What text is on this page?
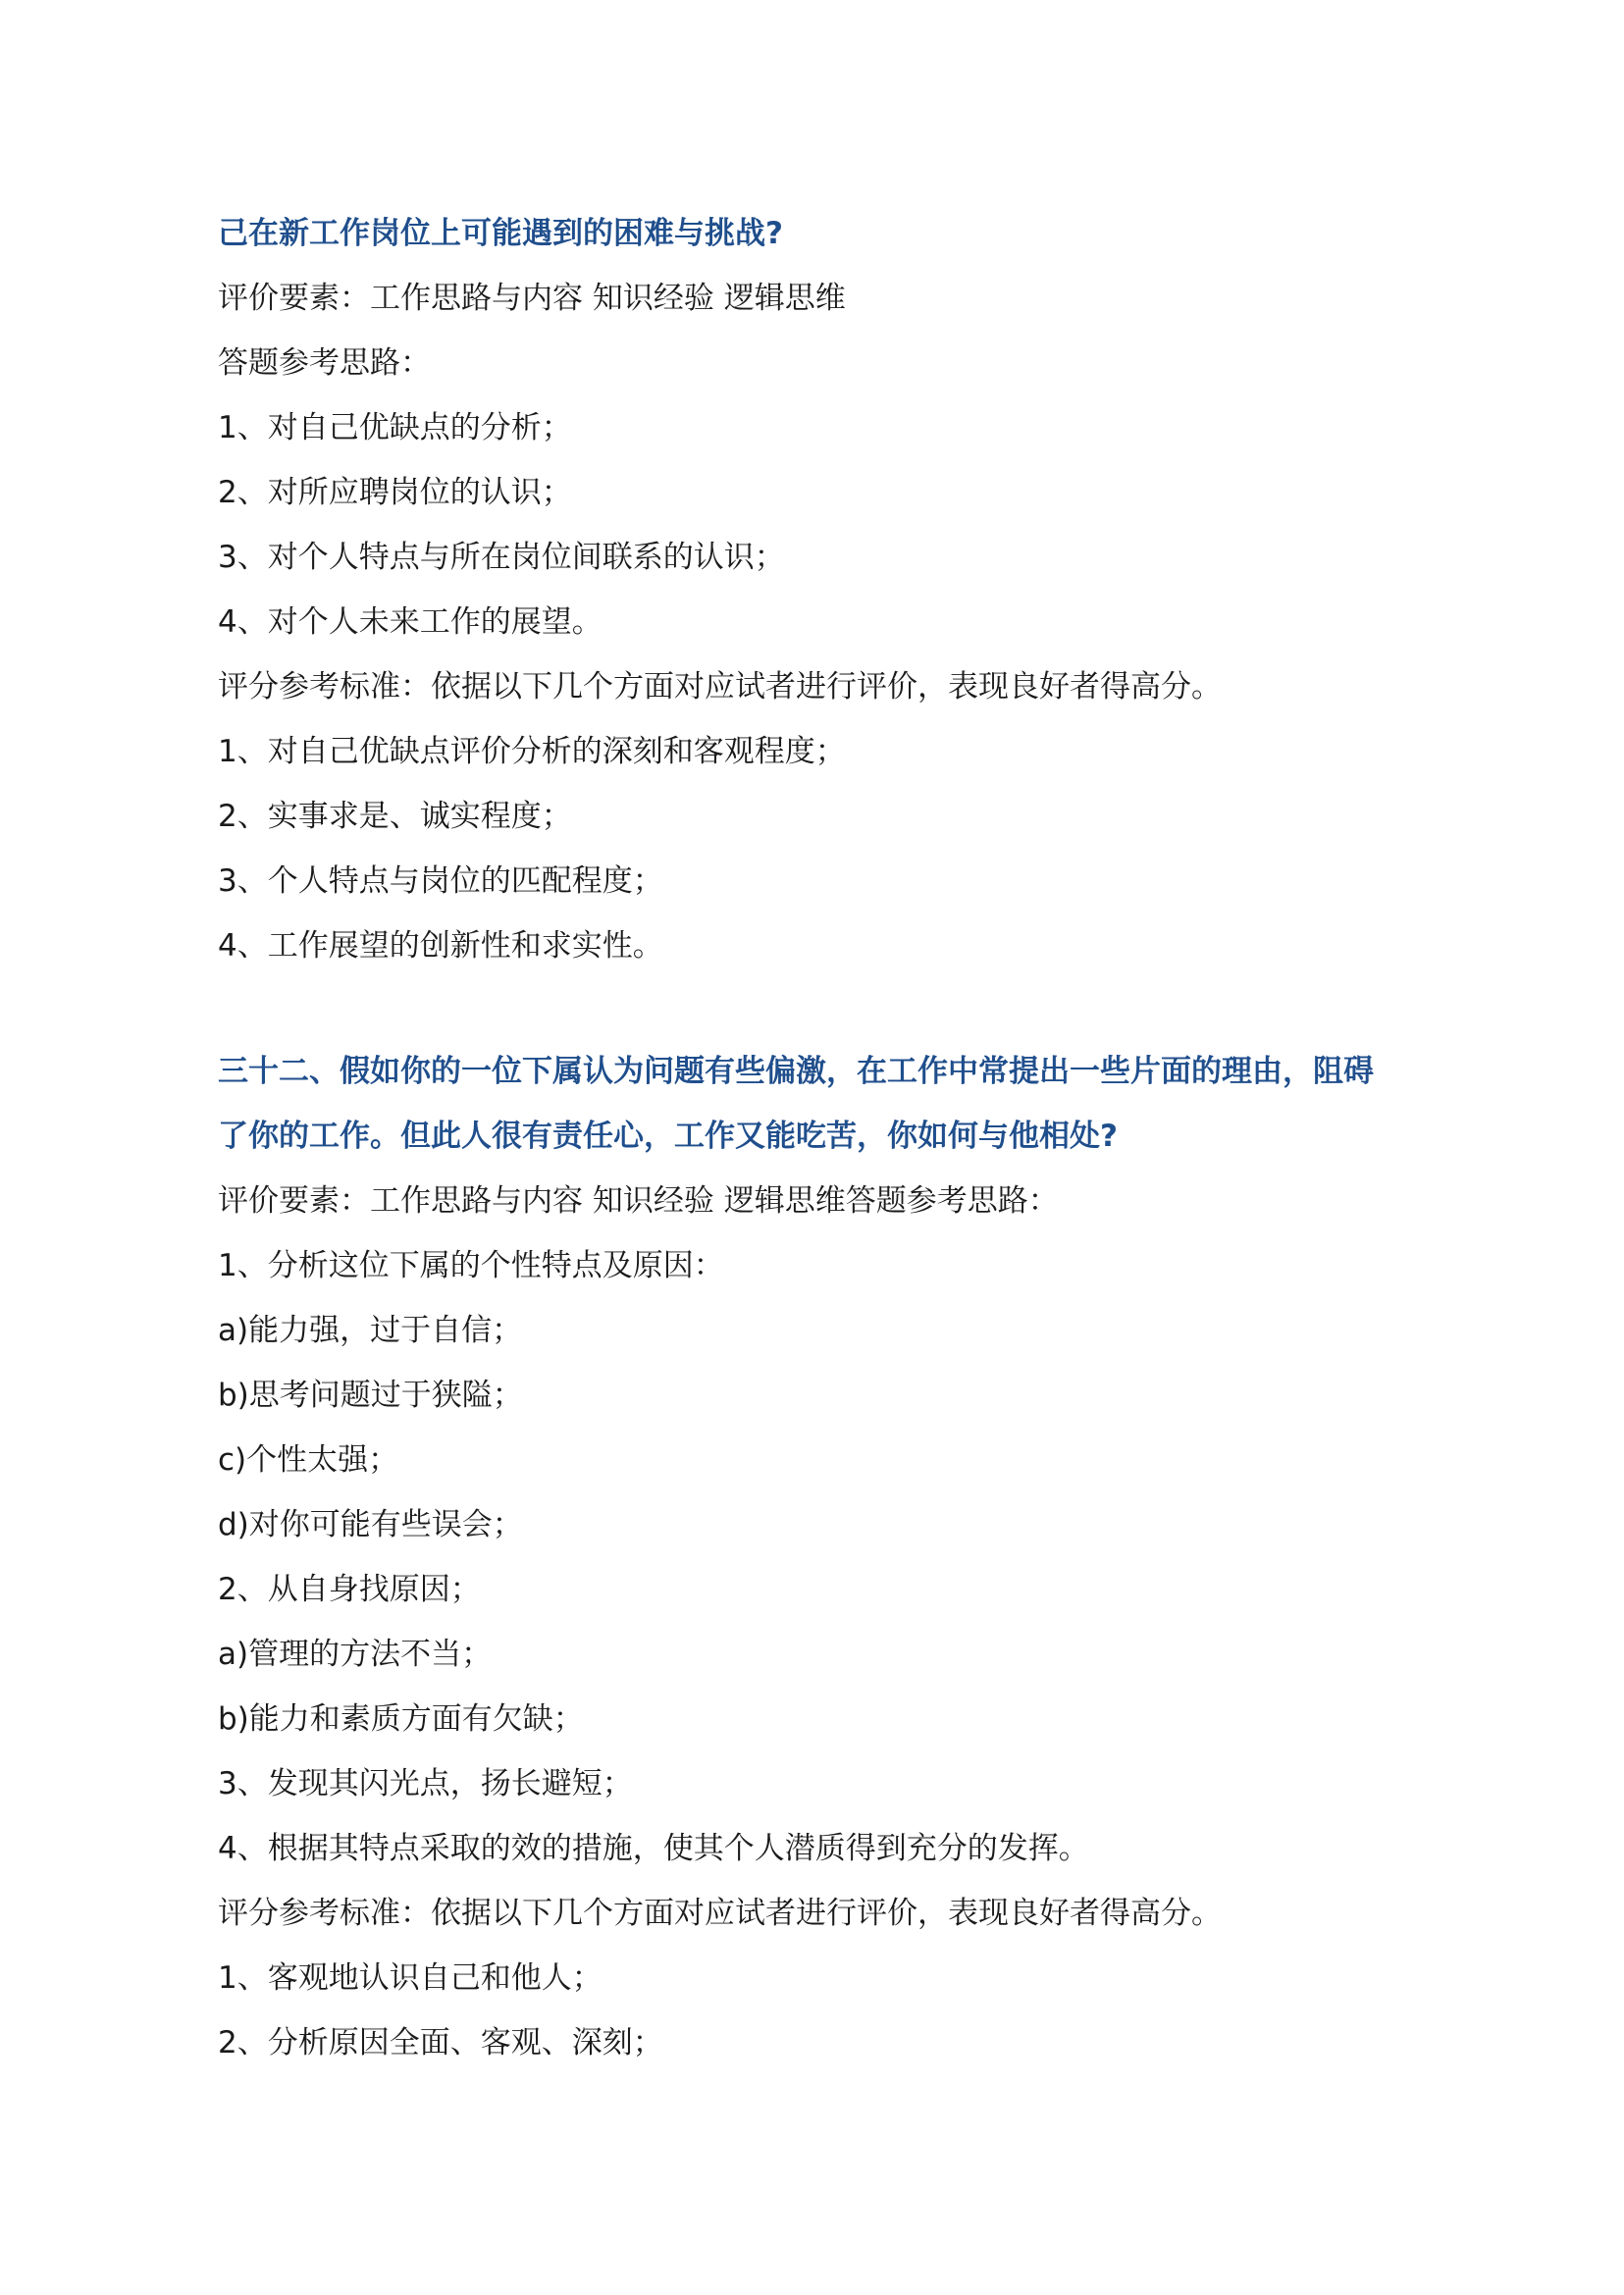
己在新工作岗位上可能遇到的困难与挑战?
评价要素：工作思路与内容 知识经验 逻辑思维
答题参考思路：
1、对自己优缺点的分析；
2、对所应聘岗位的认识；
3、对个人特点与所在岗位间联系的认识；
4、对个人未来工作的展望。
评分参考标准：依据以下几个方面对应试者进行评价，表现良好者得高分。
1、对自己优缺点评价分析的深刻和客观程度；
2、实事求是、诚实程度；
3、个人特点与岗位的匹配程度；
4、工作展望的创新性和求实性。
三十二、假如你的一位下属认为问题有些偏激，在工作中常提出一些片面的理由，阻碍
了你的工作。但此人很有责任心，工作又能吃苦，你如何与他相处?
评价要素：工作思路与内容 知识经验 逻辑思维答题参考思路：
1、分析这位下属的个性特点及原因：
a)能力强，过于自信；
b)思考问题过于狭隘；
c)个性太强；
d)对你可能有些误会；
2、从自身找原因；
a)管理的方法不当；
b)能力和素质方面有欠缺；
3、发现其闪光点，扬长避短；
4、根据其特点采取的效的措施，使其个人潜质得到充分的发挥。
评分参考标准：依据以下几个方面对应试者进行评价，表现良好者得高分。
1、客观地认识自己和他人；
2、分析原因全面、客观、深刻；
